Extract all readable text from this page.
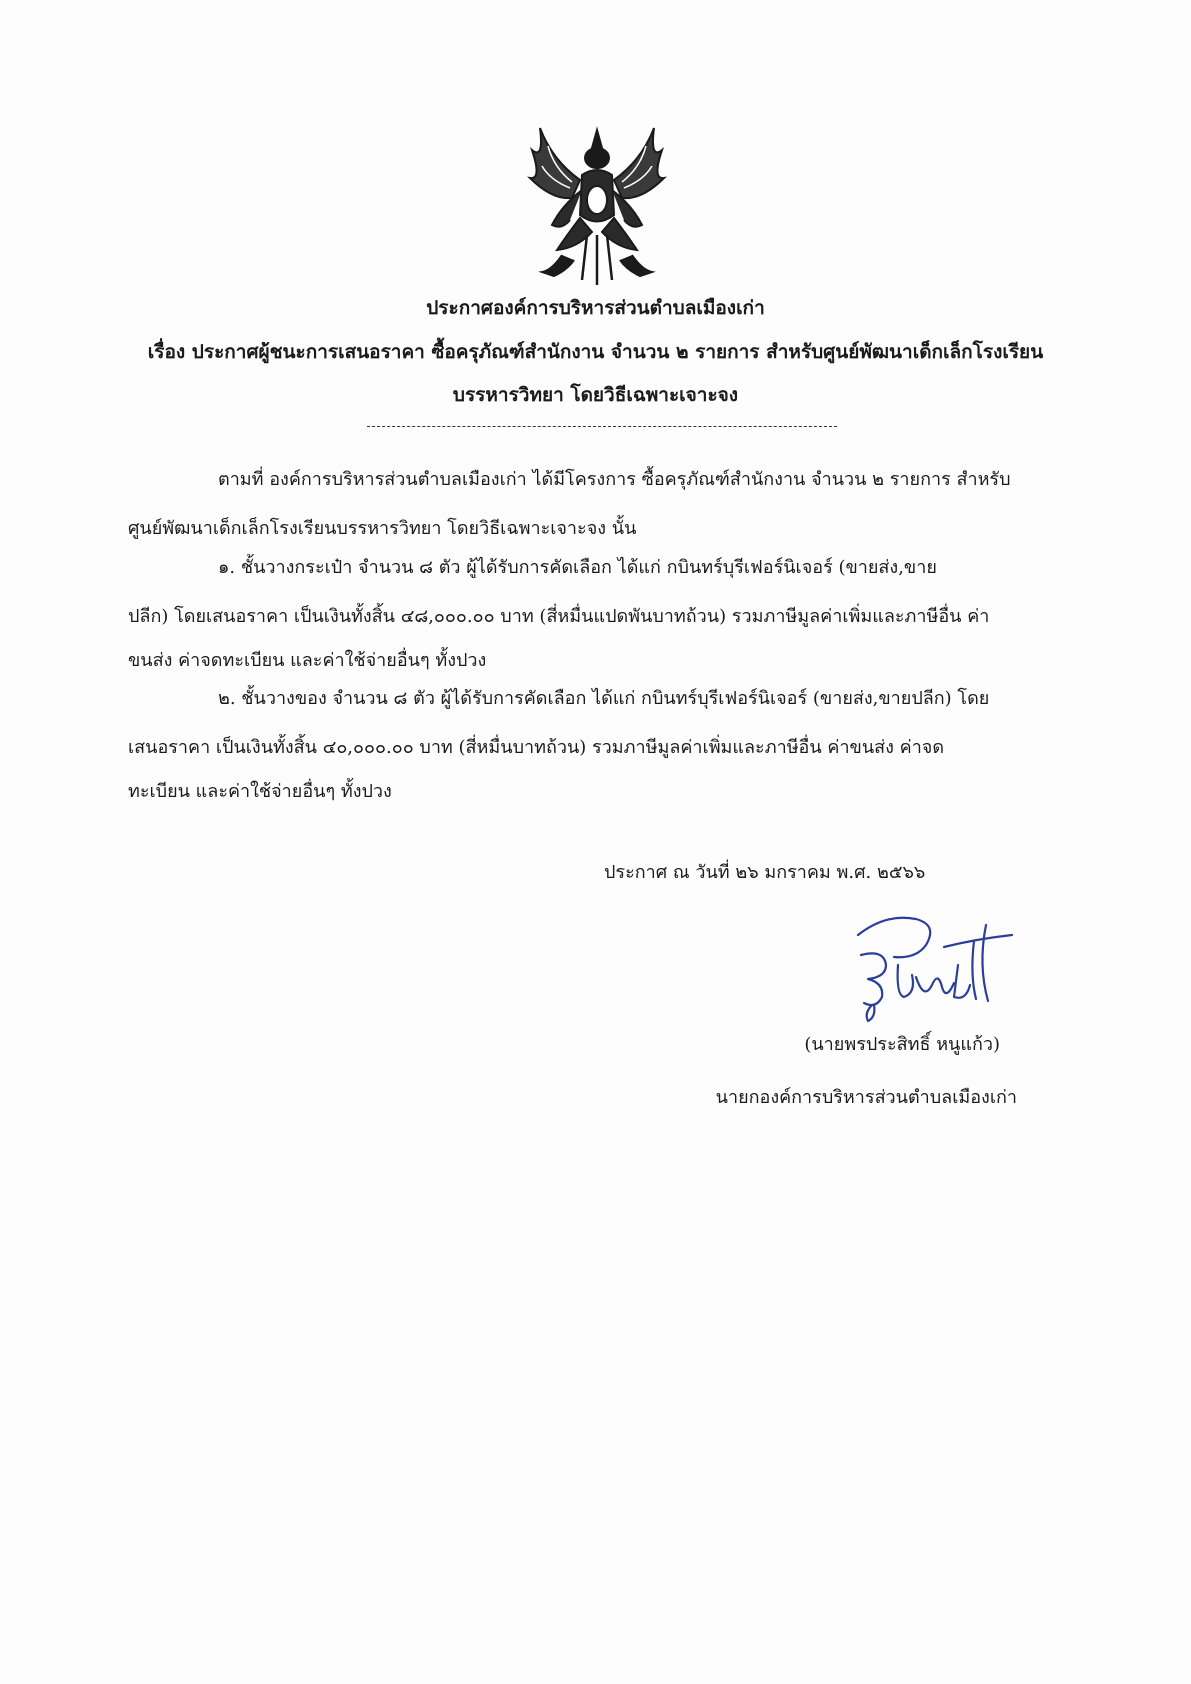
ประกาศองค์การบริหารส่วนตำบลเมืองเก่า
เรื่อง ประกาศผู้ชนะการเสนอราคา ซื้อครุภัณฑ์สำนักงาน จำนวน ๒ รายการ สำหรับศูนย์พัฒนาเด็กเล็กโรงเรียน
บรรหารวิทยา โดยวิธีเฉพาะเจาะจง
ตามที่ องค์การบริหารส่วนตำบลเมืองเก่า ได้มีโครงการ ซื้อครุภัณฑ์สำนักงาน จำนวน ๒ รายการ สำหรับ
ศูนย์พัฒนาเด็กเล็กโรงเรียนบรรหารวิทยา โดยวิธีเฉพาะเจาะจง นั้น
๑. ชั้นวางกระเป๋า จำนวน ๘ ตัว ผู้ได้รับการคัดเลือก ได้แก่ กบินทร์บุรีเฟอร์นิเจอร์ (ขายส่ง,ขาย
ปลีก) โดยเสนอราคา เป็นเงินทั้งสิ้น ๔๘,๐๐๐.๐๐ บาท (สี่หมื่นแปดพันบาทถ้วน) รวมภาษีมูลค่าเพิ่มและภาษีอื่น ค่า
ขนส่ง ค่าจดทะเบียน และค่าใช้จ่ายอื่นๆ ทั้งปวง
๒. ชั้นวางของ จำนวน ๘ ตัว ผู้ได้รับการคัดเลือก ได้แก่ กบินทร์บุรีเฟอร์นิเจอร์ (ขายส่ง,ขายปลีก) โดย
เสนอราคา เป็นเงินทั้งสิ้น ๔๐,๐๐๐.๐๐ บาท (สี่หมื่นบาทถ้วน) รวมภาษีมูลค่าเพิ่มและภาษีอื่น ค่าขนส่ง ค่าจด
ทะเบียน และค่าใช้จ่ายอื่นๆ ทั้งปวง
ประกาศ ณ วันที่ ๒๖ มกราคม พ.ศ. ๒๕๖๖
(นายพรประสิทธิ์ หนูแก้ว)
นายกองค์การบริหารส่วนตำบลเมืองเก่า
